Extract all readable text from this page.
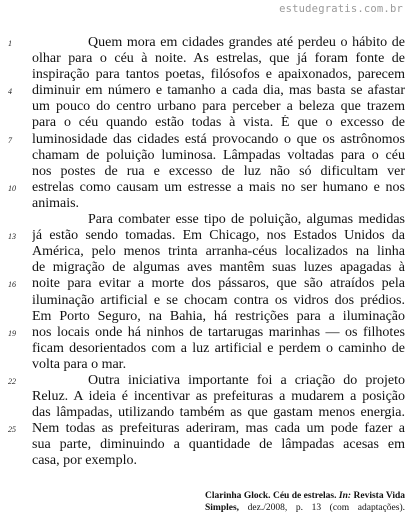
estudegratis.com.br
1	Quem mora em cidades grandes até perdeu o hábito de
olhar para o céu à noite. As estrelas, que já foram fonte de
inspiração para tantos poetas, filósofos e apaixonados, parecem
4	diminuir em número e tamanho a cada dia, mas basta se afastar
um pouco do centro urbano para perceber a beleza que trazem
para o céu quando estão todas à vista. É que o excesso de
7	luminosidade das cidades está provocando o que os astrônomos
chamam de poluição luminosa. Lâmpadas voltadas para o céu
nos postes de rua e excesso de luz não só dificultam ver
10	estrelas como causam um estresse a mais no ser humano e nos
animais.
Para combater esse tipo de poluição, algumas medidas
13	já estão sendo tomadas. Em Chicago, nos Estados Unidos da
América, pelo menos trinta arranha-céus localizados na linha
de migração de algumas aves mantêm suas luzes apagadas à
16	noite para evitar a morte dos pássaros, que são atraídos pela
iluminação artificial e se chocam contra os vidros dos prédios.
Em Porto Seguro, na Bahia, há restrições para a iluminação
19	nos locais onde há ninhos de tartarugas marinhas — os filhotes
ficam desorientados com a luz artificial e perdem o caminho de
volta para o mar.
22	Outra iniciativa importante foi a criação do projeto
Reluz. A ideia é incentivar as prefeituras a mudarem a posição
das lâmpadas, utilizando também as que gastam menos energia.
25	Nem todas as prefeituras aderiram, mas cada um pode fazer a
sua parte, diminuindo a quantidade de lâmpadas acesas em
casa, por exemplo.
Clarinha Glock. Céu de estrelas. In: Revista Vida

Simples, dez./2008, p. 13 (com adaptações).
